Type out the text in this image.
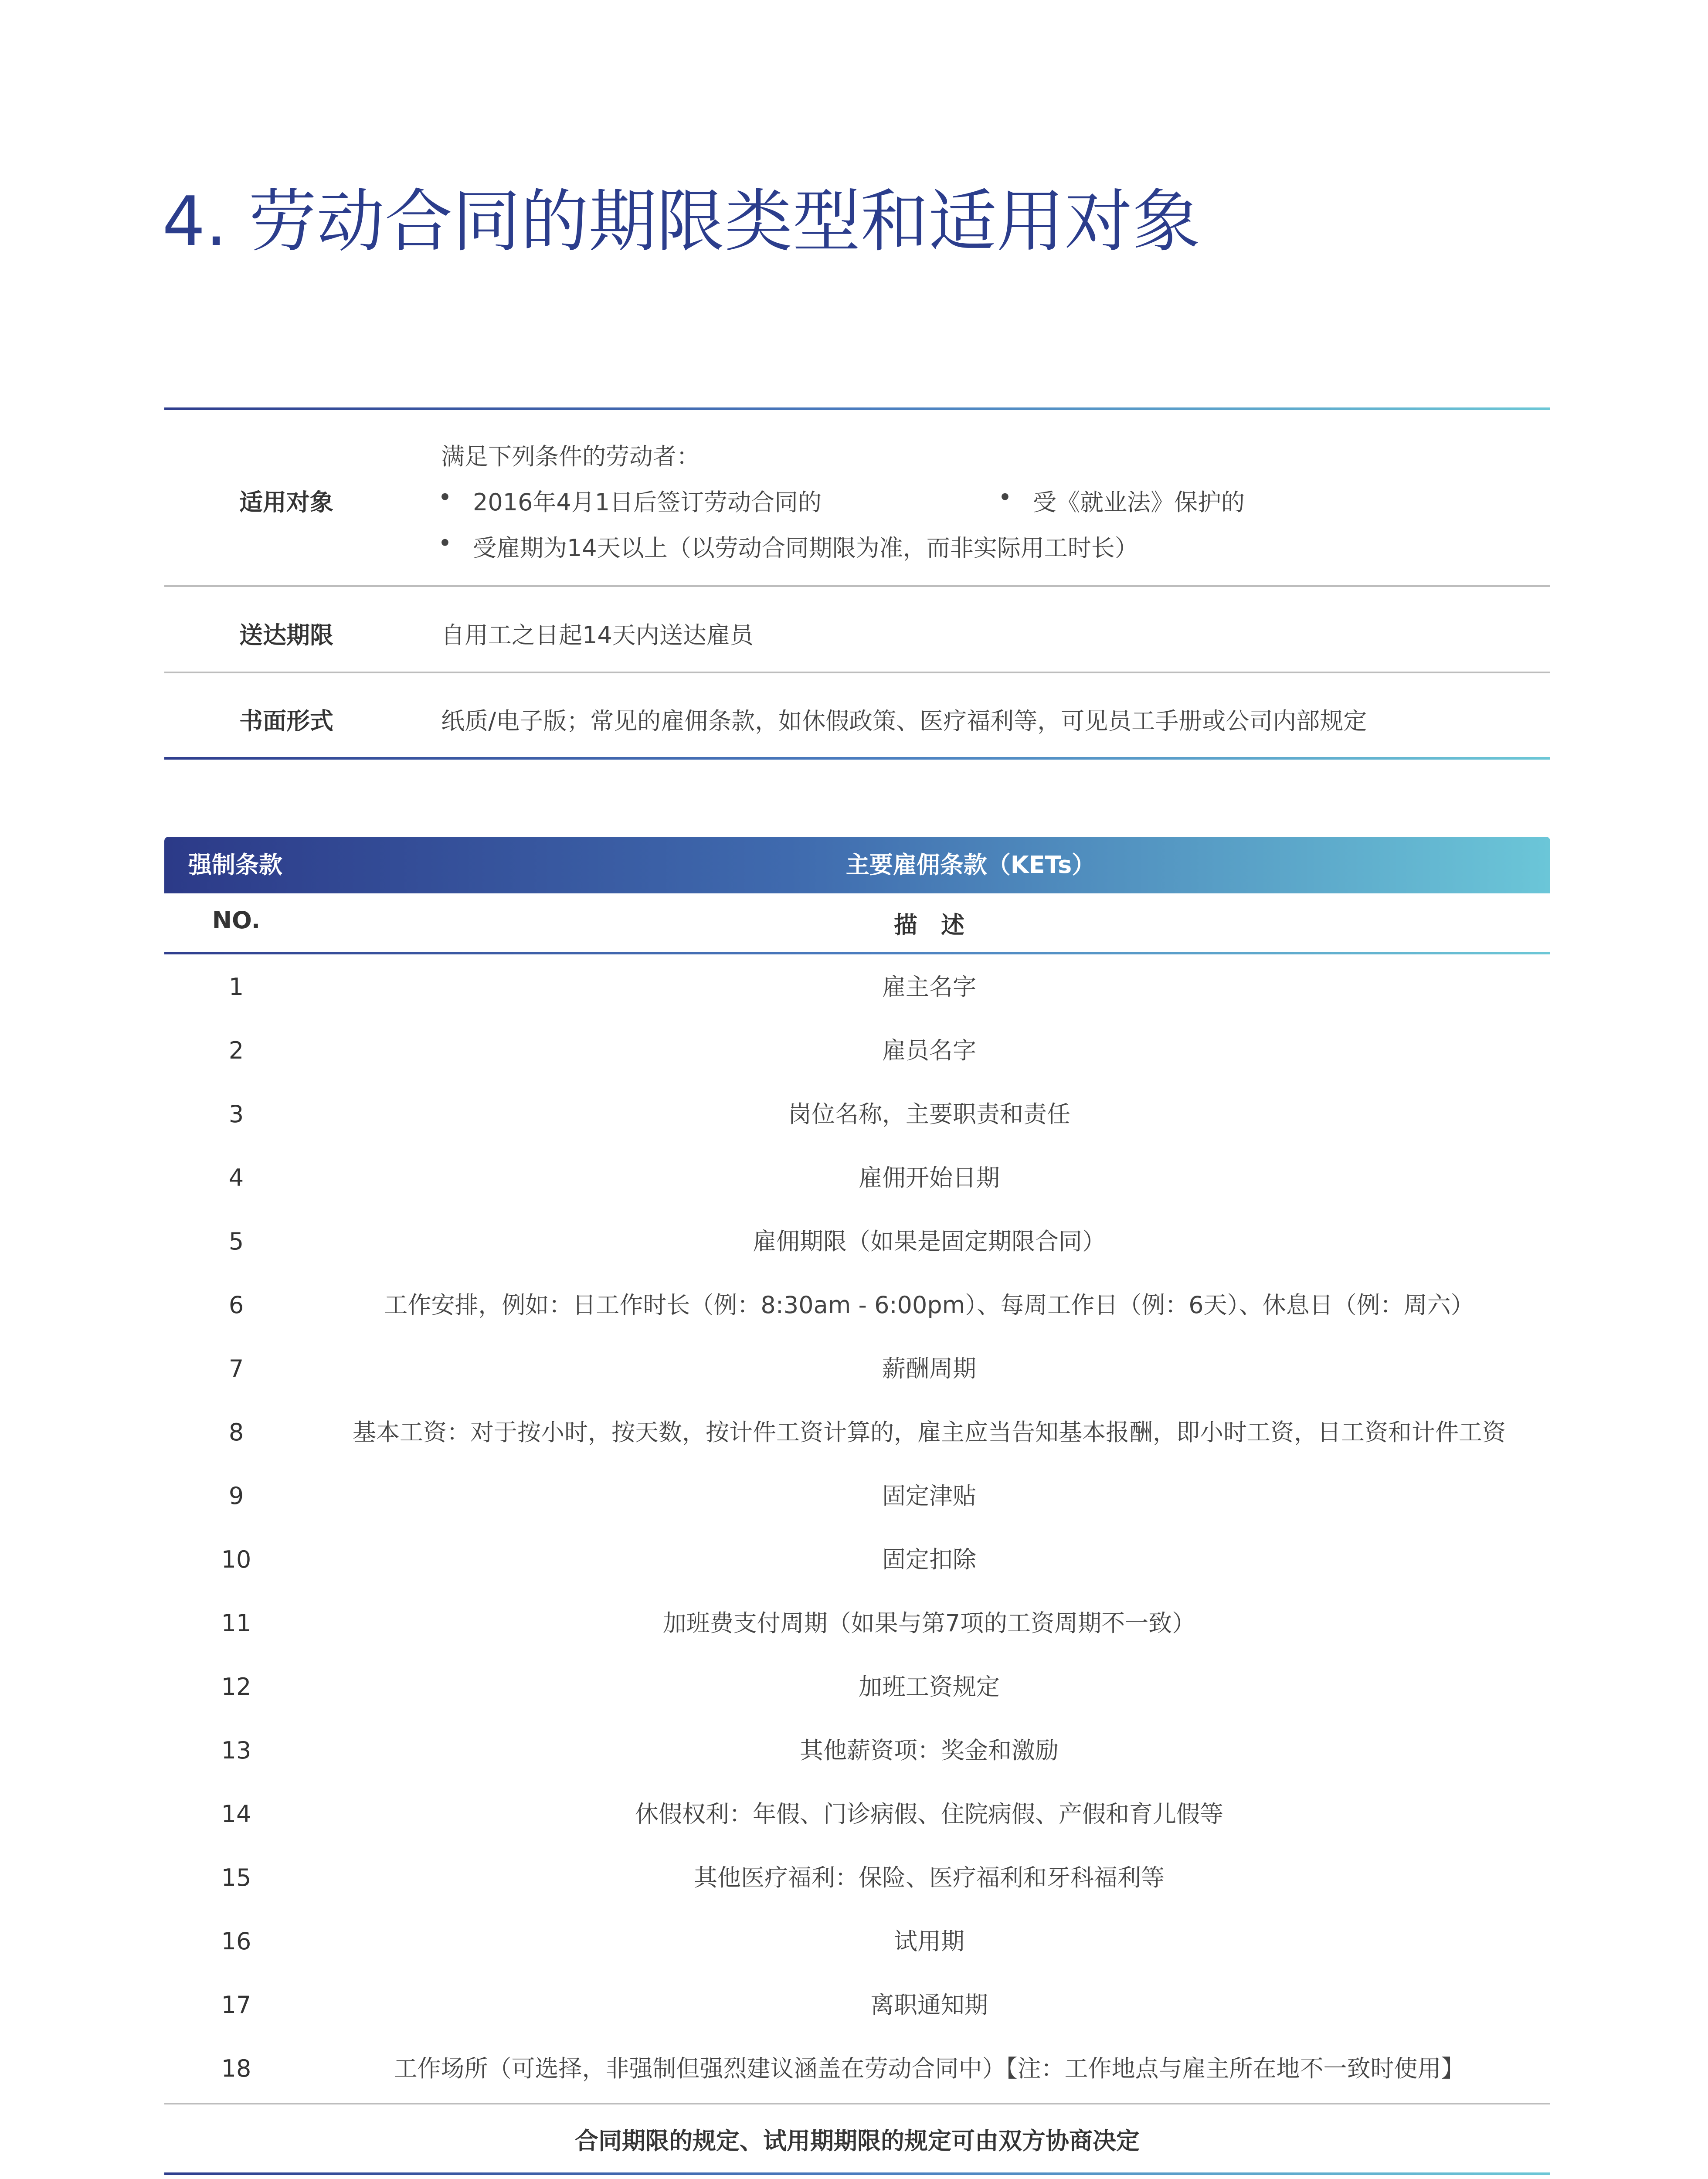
4. 劳动合同的期限类型和适用对象
适用对象
满足下列条件的劳动者：
• 2016年4月1日后签订劳动合同的	• 受《就业法》保护的
• 受雇期为14天以上（以劳动合同期限为准，而非实际用工时长）
送达期限	自用工之日起14天内送达雇员
书面形式	纸质/电子版；常见的雇佣条款，如休假政策、医疗福利等，可见员工手册或公司内部规定
强制条款	主要雇佣条款（KETs）
NO.	描　述
1	雇主名字
2	雇员名字
3	岗位名称，主要职责和责任
4	雇佣开始日期
5	雇佣期限（如果是固定期限合同）
6	工作安排，例如：日工作时长（例：8:30am - 6:00pm）、每周工作日（例：6天）、休息日（例：周六）
7	薪酬周期
8	基本工资：对于按小时，按天数，按计件工资计算的，雇主应当告知基本报酬，即小时工资，日工资和计件工资
9	固定津贴
10	固定扣除
11	加班费支付周期（如果与第7项的工资周期不一致）
12	加班工资规定
13	其他薪资项：奖金和激励
14	休假权利：年假、门诊病假、住院病假、产假和育儿假等
15	其他医疗福利：保险、医疗福利和牙科福利等
16	试用期
17	离职通知期
18	工作场所（可选择，非强制但强烈建议涵盖在劳动合同中）【注：工作地点与雇主所在地不一致时使用】
合同期限的规定、试用期期限的规定可由双方协商决定
